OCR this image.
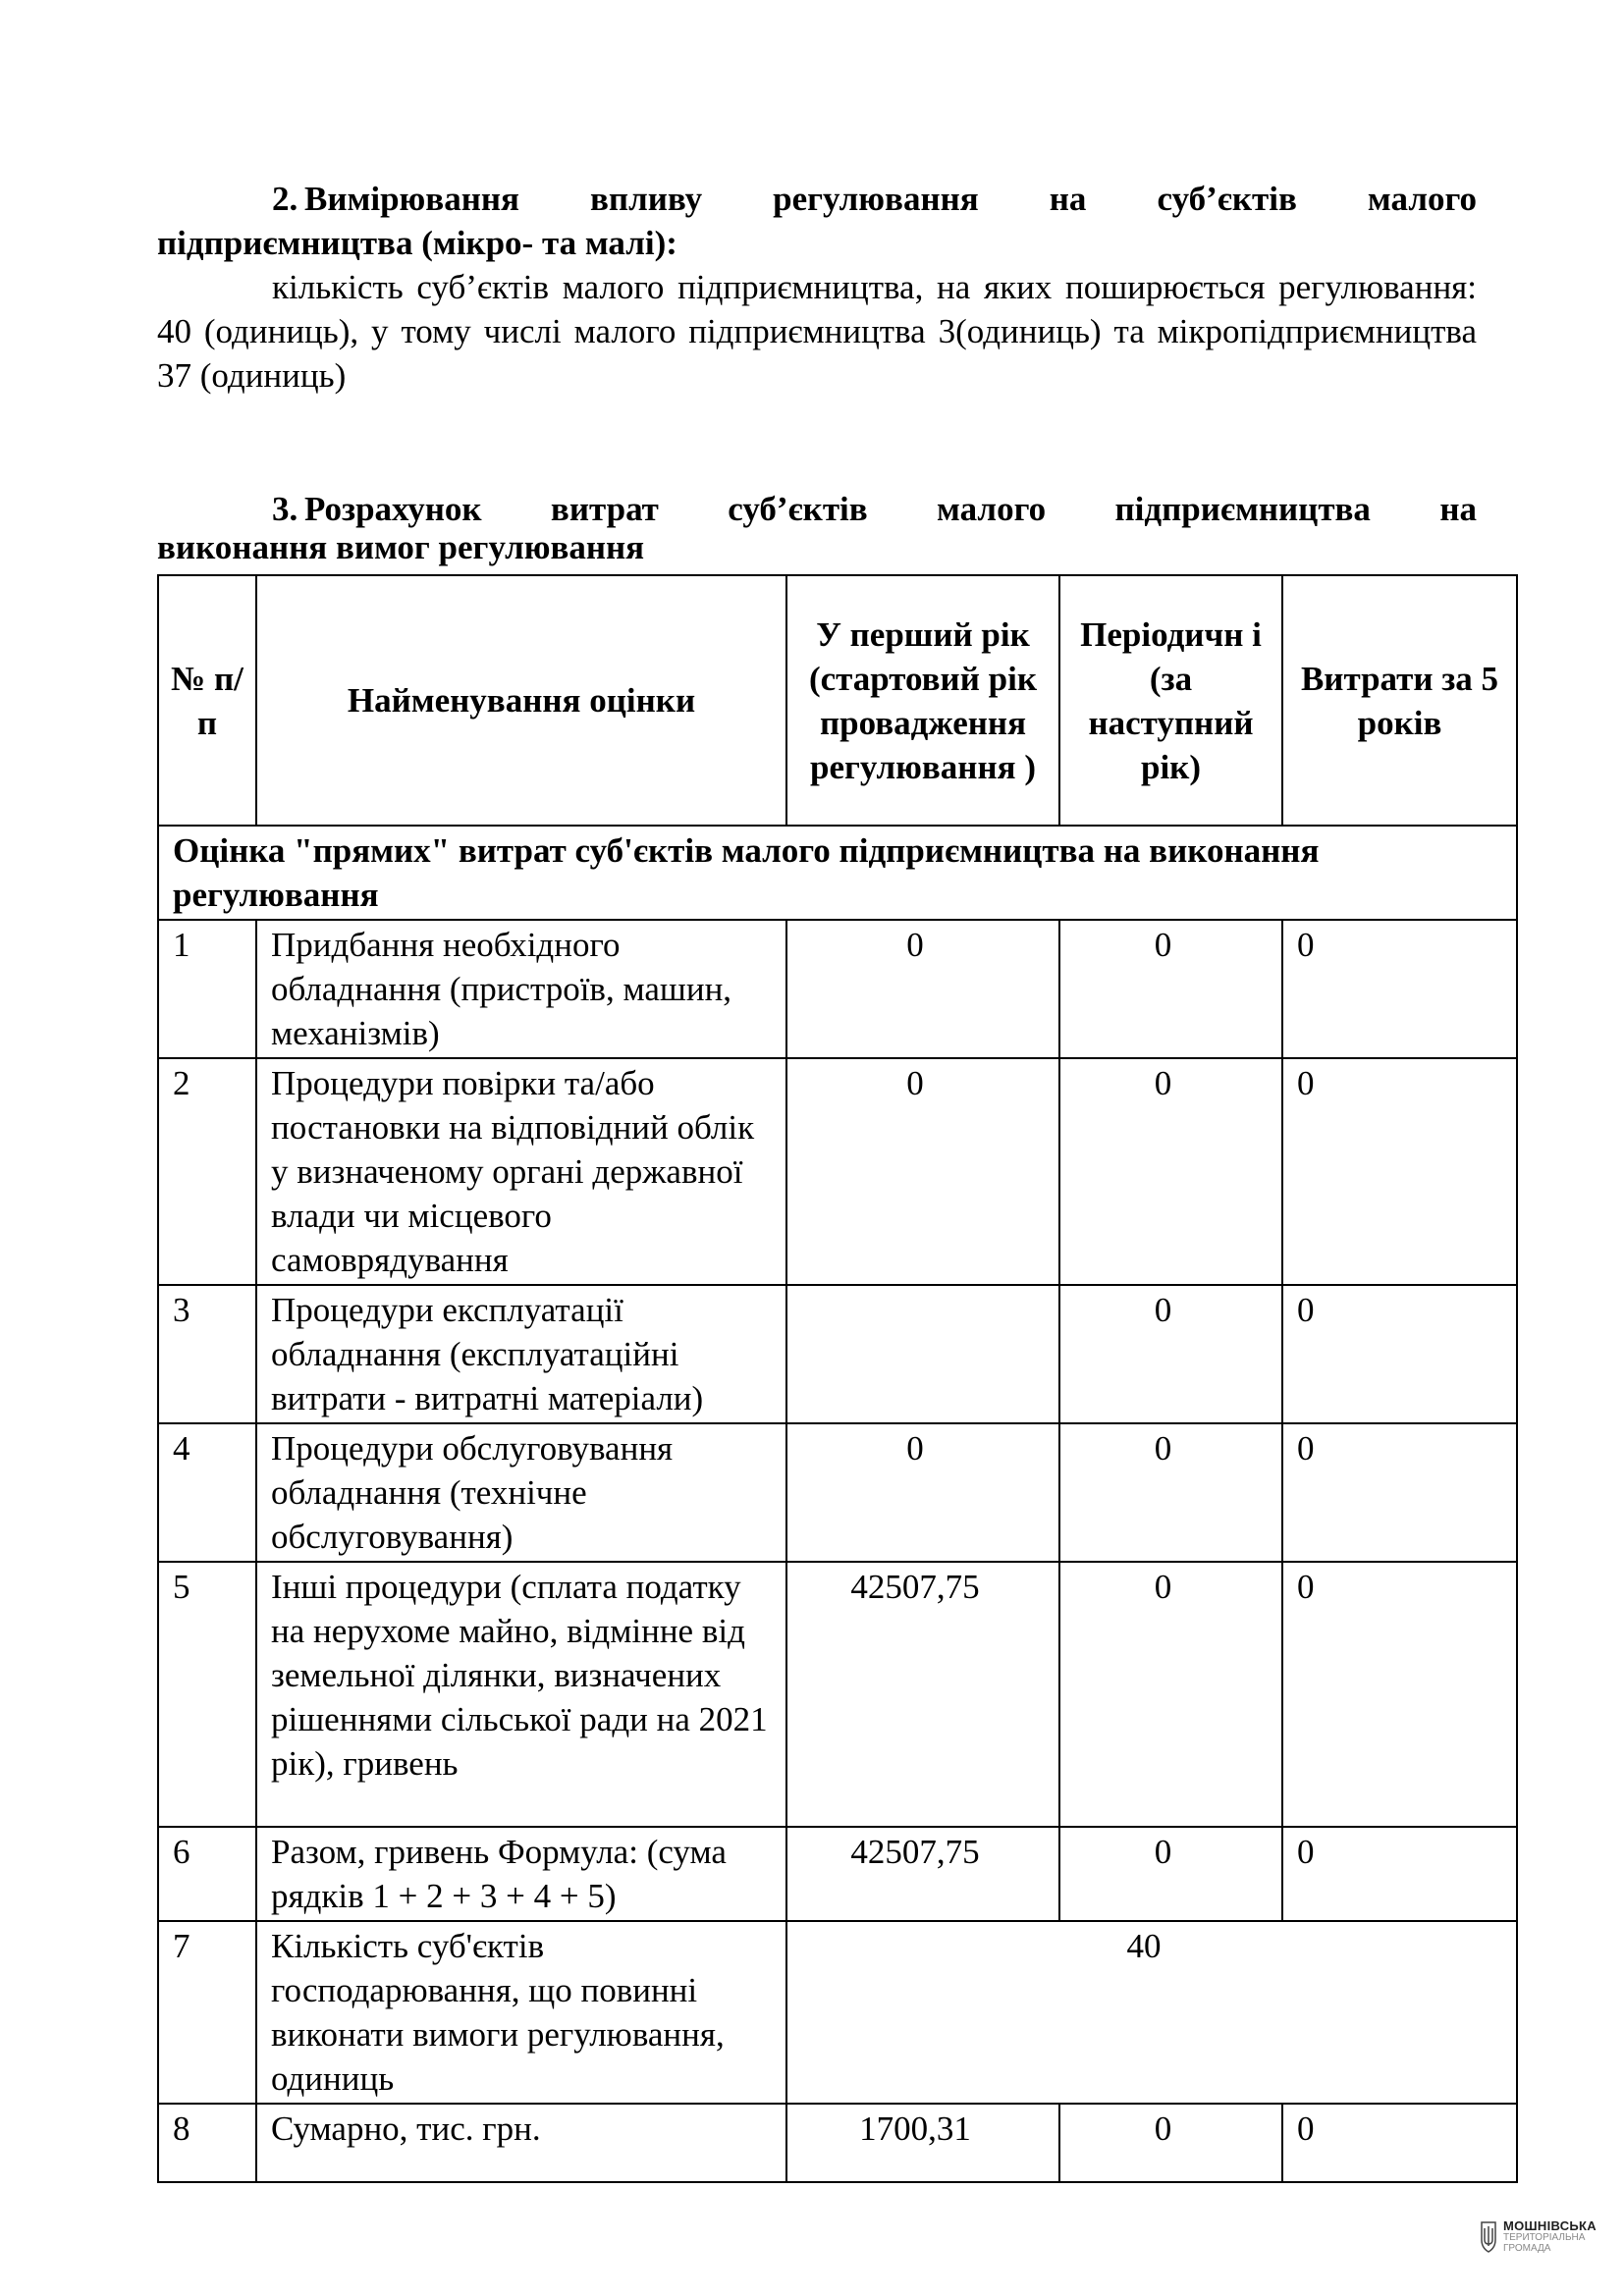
2. Вимірювання впливу регулювання на суб’єктів малого

підприємництва (мікро- та малі):

кількість суб’єктів малого підприємництва, на яких поширюється регулювання: 40 (одиниць), у тому числі малого підприємництва 3(одиниць) та мікропідприємництва 37 (одиниць)

3. Розрахунок витрат суб’єктів малого підприємництва на

виконання вимог регулювання
№ п/п	Найменування оцінки	У перший рік (стартовий рік провадження регулювання )	Періодичн і (за наступний рік)	Витрати за 5 років
Оцінка "прямих" витрат суб'єктів малого підприємництва на виконання регулювання				
1	Придбання необхідного обладнання (пристроїв, машин, механізмів)	0	0	0
2	Процедури повірки та/або постановки на відповідний облік у визначеному органі державної влади чи місцевого самоврядування	0	0	0
3	Процедури експлуатації обладнання (експлуатаційні витрати - витратні матеріали)		0	0
4	Процедури обслуговування обладнання (технічне обслуговування)	0	0	0
5	Інші процедури (сплата податку на нерухоме майно, відмінне від земельної ділянки, визначених рішеннями сільської ради на 2021 рік), гривень	42507,75	0	0
6	Разом, гривень Формула: (сума рядків 1 + 2 + 3 + 4 + 5)	42507,75	0	0
7	Кількість суб'єктів господарювання, що повинні виконати вимоги регулювання, одиниць	40		
8	Сумарно, тис. грн.	1700,31	0	0
МОШНІВСЬКА
ТЕРИТОРІАЛЬНА
ГРОМАДА
